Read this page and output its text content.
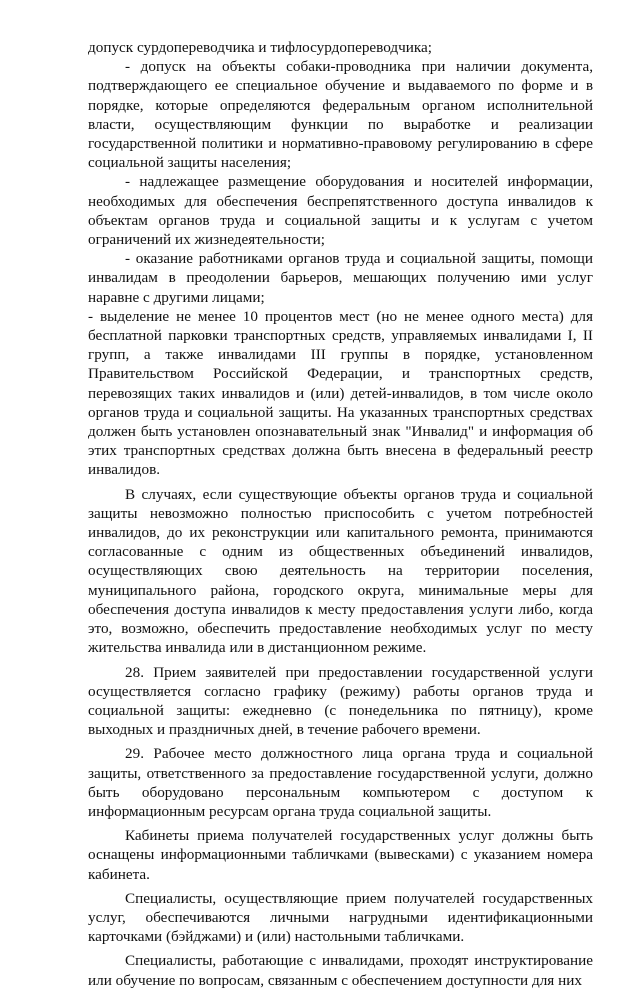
допуск сурдопереводчика и тифлосурдопереводчика;

- допуск на объекты собаки-проводника при наличии документа, подтверждающего ее специальное обучение и выдаваемого по форме и в порядке, которые определяются федеральным органом исполнительной власти, осуществляющим функции по выработке и реализации государственной политики и нормативно-правовому регулированию в сфере социальной защиты населения;

- надлежащее размещение оборудования и носителей информации, необходимых для обеспечения беспрепятственного доступа инвалидов к объектам органов труда и социальной защиты и к услугам с учетом ограничений их жизнедеятельности;

- оказание работниками органов труда и социальной защиты, помощи инвалидам в преодолении барьеров, мешающих получению ими услуг наравне с другими лицами;

- выделение не менее 10 процентов мест (но не менее одного места) для бесплатной парковки транспортных средств, управляемых инвалидами I, II групп, а также инвалидами III группы в порядке, установленном Правительством Российской Федерации, и транспортных средств, перевозящих таких инвалидов и (или) детей-инвалидов, в том числе около органов труда и социальной защиты. На указанных транспортных средствах должен быть установлен опознавательный знак "Инвалид" и информация об этих транспортных средствах должна быть внесена в федеральный реестр инвалидов.

В случаях, если существующие объекты органов труда и социальной защиты невозможно полностью приспособить с учетом потребностей инвалидов, до их реконструкции или капитального ремонта, принимаются согласованные с одним из общественных объединений инвалидов, осуществляющих свою деятельность на территории поселения, муниципального района, городского округа, минимальные меры для обеспечения доступа инвалидов к месту предоставления услуги либо, когда это, возможно, обеспечить предоставление необходимых услуг по месту жительства инвалида или в дистанционном режиме.

28. Прием заявителей при предоставлении государственной услуги осуществляется согласно графику (режиму) работы органов труда и социальной защиты: ежедневно (с понедельника по пятницу), кроме выходных и праздничных дней, в течение рабочего времени.

29. Рабочее место должностного лица органа труда и социальной защиты, ответственного за предоставление государственной услуги, должно быть оборудовано персональным компьютером с доступом к информационным ресурсам органа труда социальной защиты.

Кабинеты приема получателей государственных услуг должны быть оснащены информационными табличками (вывесками) с указанием номера кабинета.

Специалисты, осуществляющие прием получателей государственных услуг, обеспечиваются личными нагрудными идентификационными карточками (бэйджами) и (или) настольными табличками.

Специалисты, работающие с инвалидами, проходят инструктирование или обучение по вопросам, связанным с обеспечением доступности для них
